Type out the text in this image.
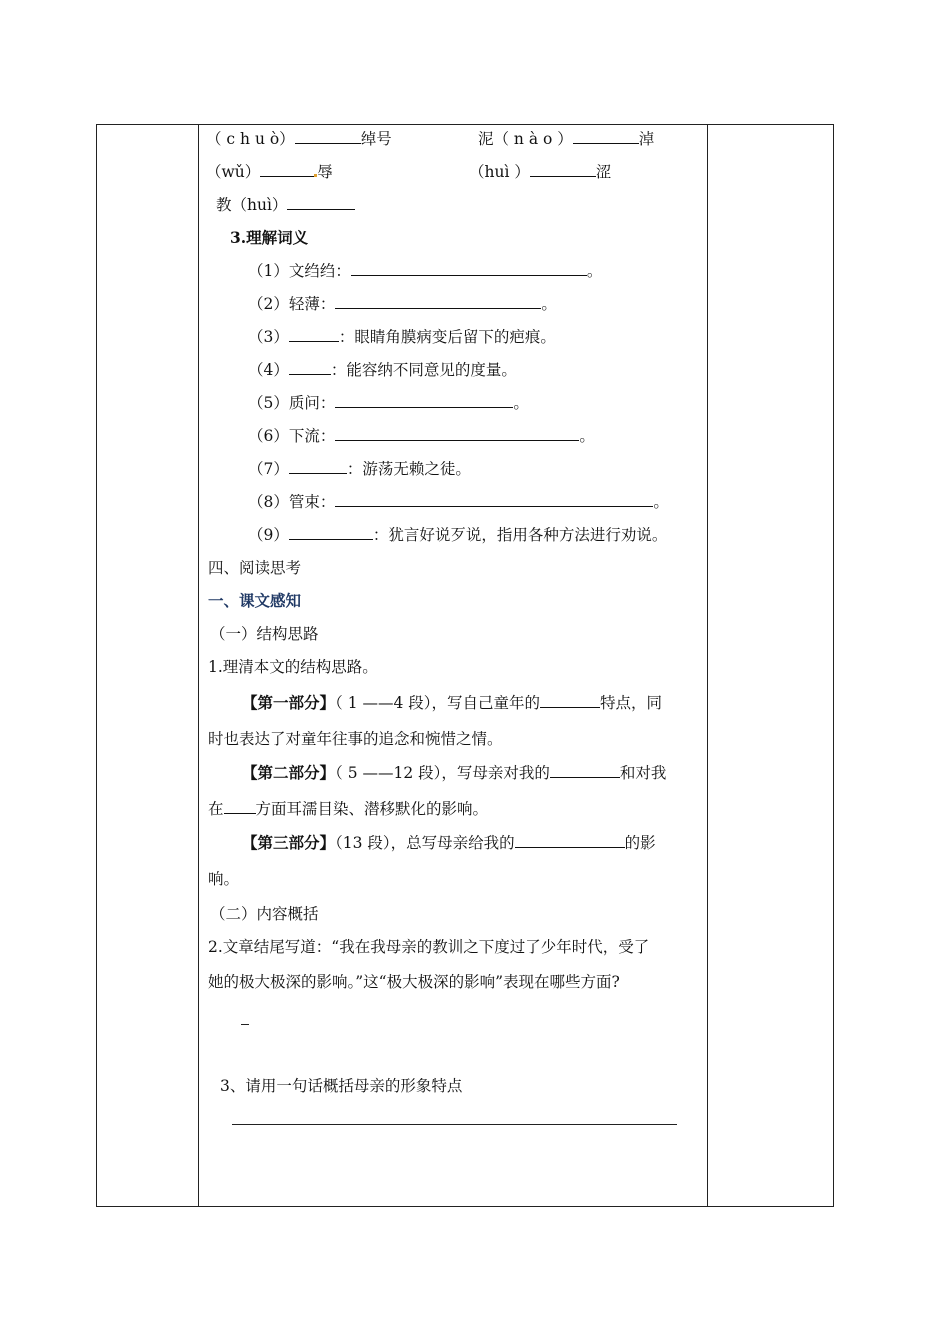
（ c h u ò）	绰号	泥（ n à o ）	淖
（wǔ）	辱	（huì ）	涩
教（huì）
3.理解词义
（1）文绉绉：	。
（2）轻薄：	。
（3）	：眼睛角膜病变后留下的疤痕。
（4）	：能容纳不同意见的度量。
（5）质问：	。
（6）下流：	。
（7）	：游荡无赖之徒。
（8）管束：	。
（9）	：犹言好说歹说，指用各种方法进行劝说。
四、阅读思考
一、课文感知
（一）结构思路
1.理清本文的结构思路。
【第一部分】（ 1 ——4 段），写自己童年的	特点，同
时也表达了对童年往事的追念和惋惜之情。
【第二部分】（ 5 ——12 段），写母亲对我的	和对我
在 方面耳濡目染、潜移默化的影响。
【第三部分】（13 段），总写母亲给我的	的影
响。
（二）内容概括
2.文章结尾写道：“我在我母亲的教训之下度过了少年时代，受了
她的极大极深的影响。”这“极大极深的影响”表现在哪些方面?
3、请用一句话概括母亲的形象特点
